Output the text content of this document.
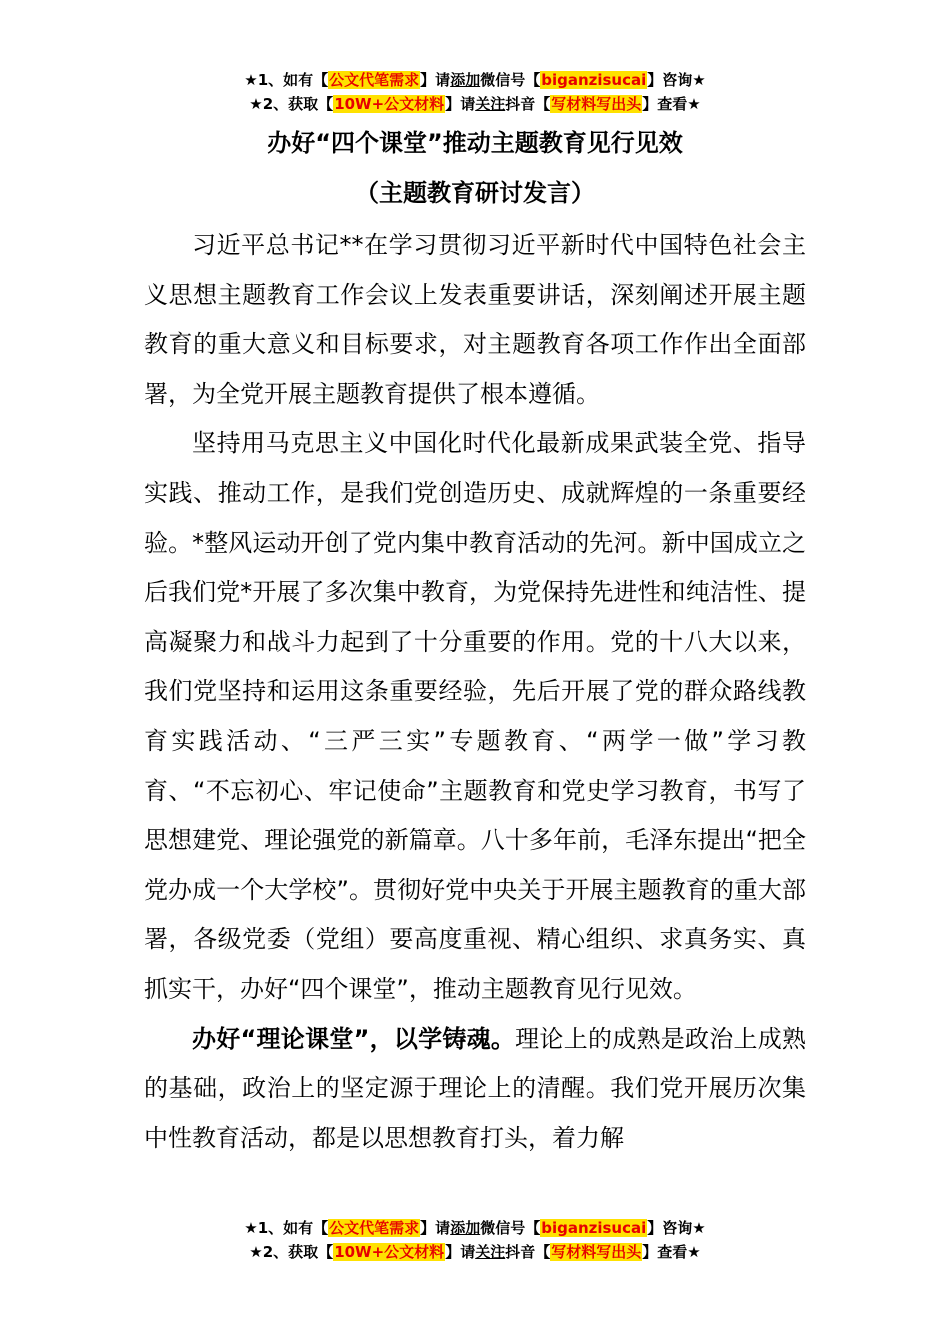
★1、如有【公文代笔需求】请添加微信号【biganzisucai】咨询★
★2、获取【10W+公文材料】请关注抖音【写材料写出头】查看★
办好“四个课堂”推动主题教育见行见效
（主题教育研讨发言）

习近平总书记**在学习贯彻习近平新时代中国特色社会主义思想主题教育工作会议上发表重要讲话，深刻阐述开展主题教育的重大意义和目标要求，对主题教育各项工作作出全面部署，为全党开展主题教育提供了根本遵循。

坚持用马克思主义中国化时代化最新成果武装全党、指导实践、推动工作，是我们党创造历史、成就辉煌的一条重要经验。*整风运动开创了党内集中教育活动的先河。新中国成立之后我们党*开展了多次集中教育，为党保持先进性和纯洁性、提高凝聚力和战斗力起到了十分重要的作用。党的十八大以来，我们党坚持和运用这条重要经验，先后开展了党的群众路线教育实践活动、“三严三实”专题教育、“两学一做”学习教育、“不忘初心、牢记使命”主题教育和党史学习教育，书写了思想建党、理论强党的新篇章。八十多年前，毛泽东提出“把全党办成一个大学校”。贯彻好党中央关于开展主题教育的重大部署，各级党委（党组）要高度重视、精心组织、求真务实、真抓实干，办好“四个课堂”，推动主题教育见行见效。

办好“理论课堂”，以学铸魂。理论上的成熟是政治上成熟的基础，政治上的坚定源于理论上的清醒。我们党开展历次集中性教育活动，都是以思想教育打头，着力解

★1、如有【公文代笔需求】请添加微信号【biganzisucai】咨询★
★2、获取【10W+公文材料】请关注抖音【写材料写出头】查看★
